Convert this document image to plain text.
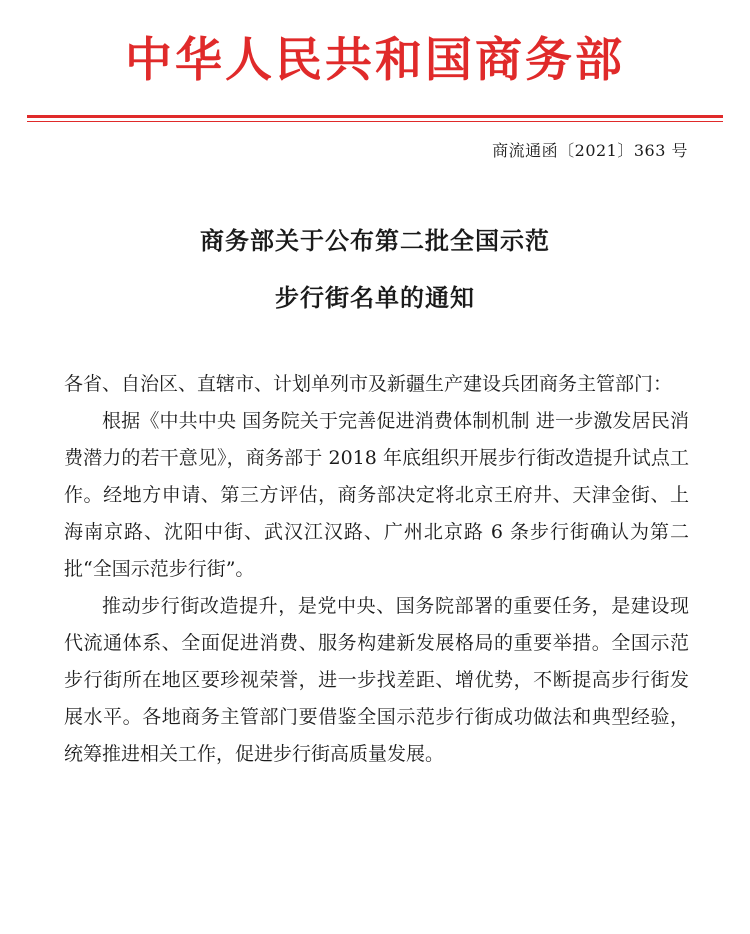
中华人民共和国商务部
商流通函〔2021〕363 号
商务部关于公布第二批全国示范
步行街名单的通知

各省、自治区、直辖市、计划单列市及新疆生产建设兵团商务主管部门：

根据《中共中央 国务院关于完善促进消费体制机制 进一步激发居民消费潜力的若干意见》，商务部于 2018 年底组织开展步行街改造提升试点工作。经地方申请、第三方评估，商务部决定将北京王府井、天津金街、上海南京路、沈阳中街、武汉江汉路、广州北京路 6 条步行街确认为第二批“全国示范步行街”。

推动步行街改造提升，是党中央、国务院部署的重要任务，是建设现代流通体系、全面促进消费、服务构建新发展格局的重要举措。全国示范步行街所在地区要珍视荣誉，进一步找差距、增优势，不断提高步行街发展水平。各地商务主管部门要借鉴全国示范步行街成功做法和典型经验，统筹推进相关工作，促进步行街高质量发展。
